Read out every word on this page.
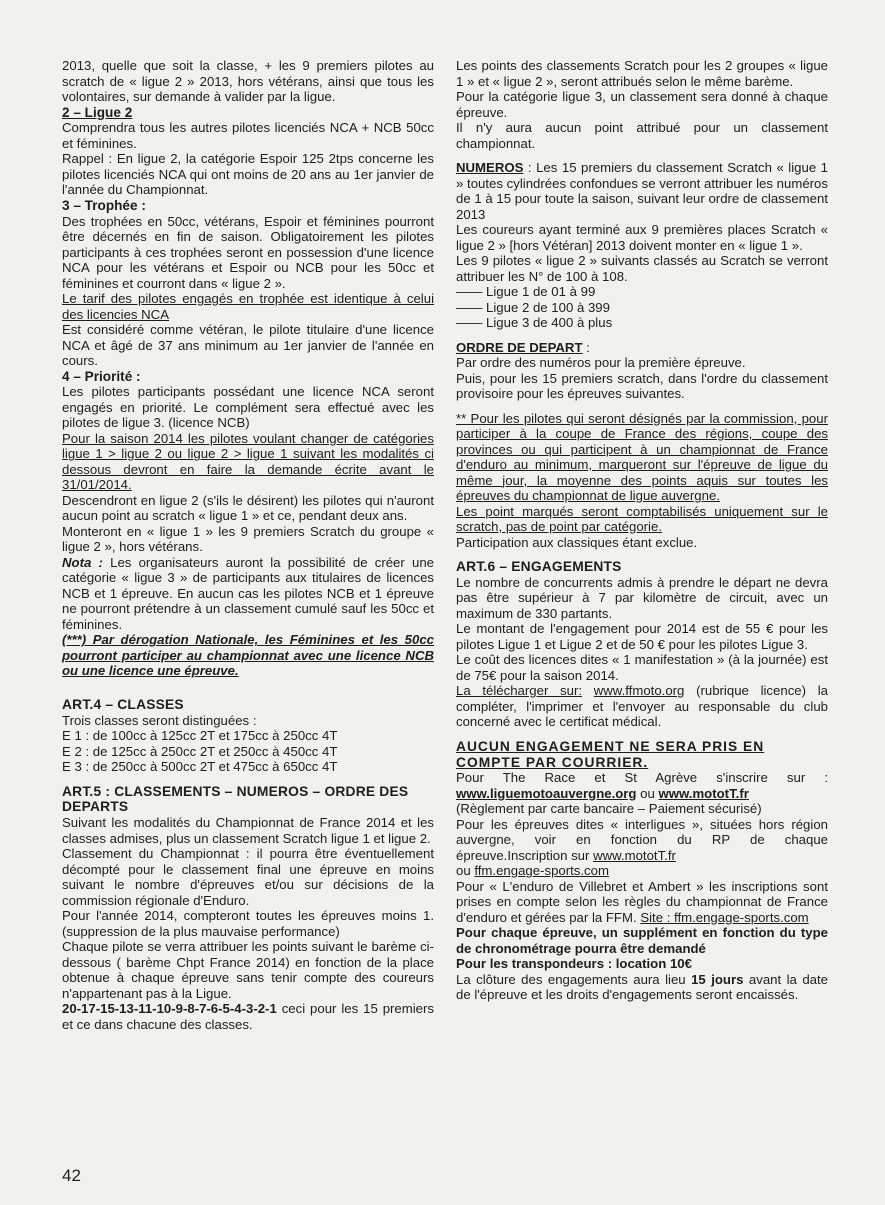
2013, quelle que soit la classe, + les 9 premiers pilotes au scratch de « ligue 2 » 2013, hors vétérans, ainsi que tous les volontaires, sur demande à valider par la ligue.

2 – Ligue 2

Comprendra tous les autres pilotes licenciés NCA + NCB 50cc et féminines.

Rappel : En ligue 2, la catégorie Espoir 125 2tps concerne les pilotes licenciés NCA qui ont moins de 20 ans au 1er janvier de l'année du Championnat.

3 – Trophée :

Des trophées en 50cc, vétérans, Espoir et féminines pourront être décernés en fin de saison. Obligatoirement les pilotes participants à ces trophées seront en possession d'une licence NCA pour les vétérans et Espoir ou NCB pour les 50cc et féminines et courront dans « ligue 2 ».

Le tarif des pilotes engagés en trophée est identique à celui des licencies NCA

Est considéré comme vétéran, le pilote titulaire d'une licence NCA et âgé de 37 ans minimum au 1er janvier de l'année en cours.

4 – Priorité :

Les pilotes participants possédant une licence NCA seront engagés en priorité. Le complément sera effectué avec les pilotes de ligue 3. (licence NCB)

Pour la saison 2014 les pilotes voulant changer de catégories ligue 1 > ligue 2 ou ligue 2 > ligue 1 suivant les modalités ci dessous devront en faire la demande écrite avant le 31/01/2014.

Descendront en ligue 2 (s'ils le désirent) les pilotes qui n'auront aucun point au scratch « ligue 1 » et ce, pendant deux ans.

Monteront en « ligue 1 » les 9 premiers Scratch du groupe « ligue 2 », hors vétérans.

Nota : Les organisateurs auront la possibilité de créer une catégorie « ligue 3 » de participants aux titulaires de licences NCB et 1 épreuve. En aucun cas les pilotes NCB et 1 épreuve ne pourront prétendre à un classement cumulé sauf les 50cc et féminines.

(***) Par dérogation Nationale, les Féminines et les 50cc pourront participer au championnat avec une licence NCB ou une licence une épreuve.

ART.4 – CLASSES

Trois classes seront distinguées :

E 1 : de 100cc à 125cc 2T et 175cc à 250cc 4T

E 2 : de 125cc à 250cc 2T et 250cc à 450cc 4T

E 3 : de 250cc à 500cc 2T et 475cc à 650cc 4T

ART.5 : CLASSEMENTS – NUMEROS – ORDRE DES DEPARTS

Suivant les modalités du Championnat de France 2014 et les classes admises, plus un classement Scratch ligue 1 et ligue 2.

Classement du Championnat : il pourra être éventuellement décompté pour le classement final une épreuve en moins suivant le nombre d'épreuves et/ou sur décisions de la commission régionale d'Enduro.

Pour l'année 2014, compteront toutes les épreuves moins 1.(suppression de la plus mauvaise performance)

Chaque pilote se verra attribuer les points suivant le barème ci-dessous ( barème Chpt France 2014) en fonction de la place obtenue à chaque épreuve sans tenir compte des coureurs n'appartenant pas à la Ligue.

20-17-15-13-11-10-9-8-7-6-5-4-3-2-1 ceci pour les 15 premiers et ce dans chacune des classes.

Les points des classements Scratch pour les 2 groupes « ligue 1 » et « ligue 2 », seront attribués selon le même barème.

Pour la catégorie ligue 3, un classement sera donné à chaque épreuve.

Il n'y aura aucun point attribué pour un classement championnat.

NUMEROS : Les 15 premiers du classement Scratch « ligue 1 » toutes cylindrées confondues se verront attribuer les numéros de 1 à 15 pour toute la saison, suivant leur ordre de classement 2013

Les coureurs ayant terminé aux 9 premières places Scratch « ligue 2 » [hors Vétéran] 2013 doivent monter en « ligue 1 ».

Les 9 pilotes « ligue 2 » suivants classés au Scratch se verront attribuer les N° de 100 à 108.

—— Ligue 1 de 01 à 99

—— Ligue 2 de 100 à 399

—— Ligue 3 de 400 à plus

ORDRE DE DEPART :

Par ordre des numéros pour la première épreuve.

Puis, pour les 15 premiers scratch, dans l'ordre du classement provisoire pour les épreuves suivantes.

** Pour les pilotes qui seront désignés par la commission, pour participer à la coupe de France des régions, coupe des provinces ou qui participent à un championnat de France d'enduro au minimum, marqueront sur l'épreuve de ligue du même jour, la moyenne des points aquis sur toutes les épreuves du championnat de ligue auvergne.

Les point marqués seront comptabilisés uniquement sur le scratch, pas de point par catégorie.

Participation aux classiques étant exclue.

ART.6 – ENGAGEMENTS

Le nombre de concurrents admis à prendre le départ ne devra pas être supérieur à 7 par kilomètre de circuit, avec un maximum de 330 partants.

Le montant de l'engagement pour 2014 est de 55 € pour les pilotes Ligue 1 et Ligue 2 et de 50 € pour les pilotes Ligue 3.

Le coût des licences dites « 1 manifestation » (à la journée) est de 75€ pour la saison 2014.

La télécharger sur: www.ffmoto.org (rubrique licence) la compléter, l'imprimer et l'envoyer au responsable du club concerné avec le certificat médical.

AUCUN ENGAGEMENT NE SERA PRIS EN COMPTE PAR COURRIER.

Pour The Race et St Agrève s'inscrire sur : www.liguemotoauvergne.org ou www.mototT.fr

(Règlement par carte bancaire – Paiement sécurisé)

Pour les épreuves dites « interligues », situées hors région auvergne, voir en fonction du RP de chaque épreuve.Inscription sur www.mototT.fr

ou ffm.engage-sports.com

Pour « L'enduro de Villebret et Ambert » les inscriptions sont prises en compte selon les règles du championnat de France d'enduro et gérées par la FFM. Site : ffm.engage-sports.com

Pour chaque épreuve, un supplément en fonction du type de chronométrage pourra être demandé

Pour les transpondeurs : location 10€

La clôture des engagements aura lieu 15 jours avant la date de l'épreuve et les droits d'engagements seront encaissés.

42
